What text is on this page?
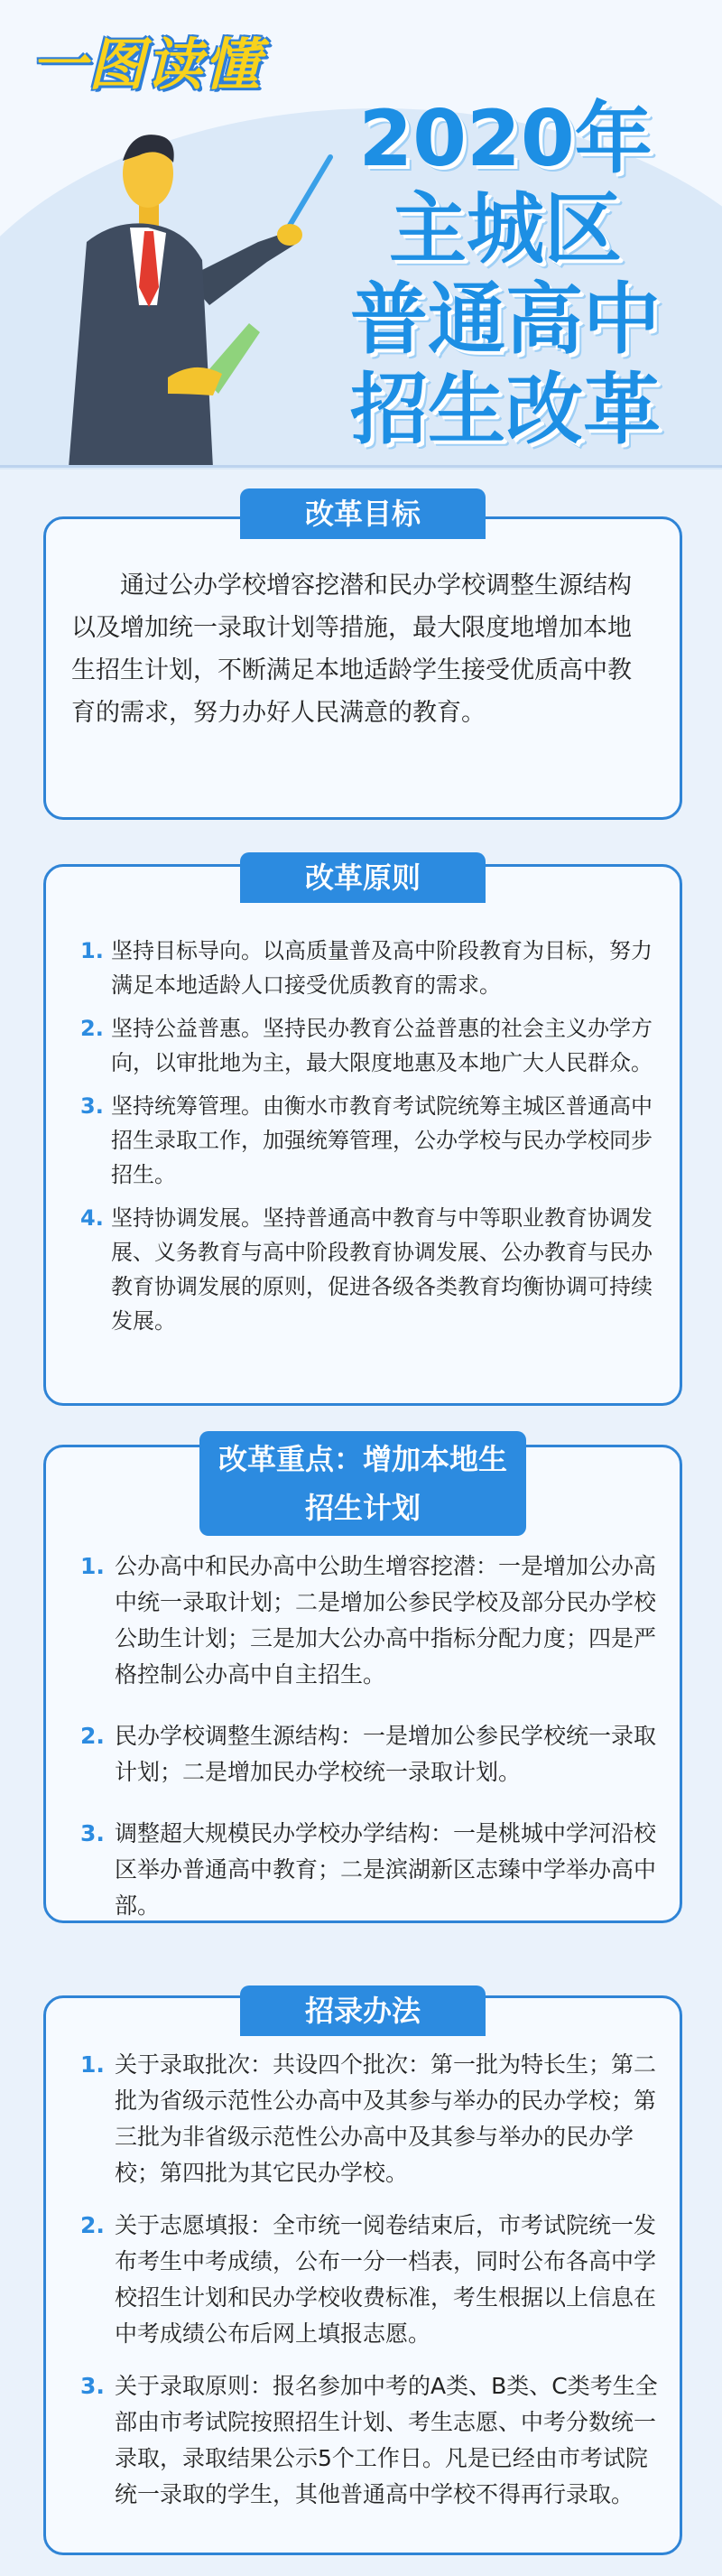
一图读懂
2020年
主城区
普通高中
招生改革
改革目标
通过公办学校增容挖潜和民办学校调整生源结构以及增加统一录取计划等措施，最大限度地增加本地生招生计划，不断满足本地适龄学生接受优质高中教育的需求，努力办好人民满意的教育。
改革原则
1. 坚持目标导向。以高质量普及高中阶段教育为目标，努力满足本地适龄人口接受优质教育的需求。
2. 坚持公益普惠。坚持民办教育公益普惠的社会主义办学方向，以审批地为主，最大限度地惠及本地广大人民群众。
3. 坚持统筹管理。由衡水市教育考试院统筹主城区普通高中招生录取工作，加强统筹管理，公办学校与民办学校同步招生。
4. 坚持协调发展。坚持普通高中教育与中等职业教育协调发展、义务教育与高中阶段教育协调发展、公办教育与民办教育协调发展的原则，促进各级各类教育均衡协调可持续发展。
改革重点：增加本地生招生计划
1. 公办高中和民办高中公助生增容挖潜：一是增加公办高中统一录取计划；二是增加公参民学校及部分民办学校公助生计划；三是加大公办高中指标分配力度；四是严格控制公办高中自主招生。
2. 民办学校调整生源结构：一是增加公参民学校统一录取计划；二是增加民办学校统一录取计划。
3. 调整超大规模民办学校办学结构：一是桃城中学河沿校区举办普通高中教育；二是滨湖新区志臻中学举办高中部。
招录办法
1. 关于录取批次：共设四个批次：第一批为特长生；第二批为省级示范性公办高中及其参与举办的民办学校；第三批为非省级示范性公办高中及其参与举办的民办学校；第四批为其它民办学校。
2. 关于志愿填报：全市统一阅卷结束后，市考试院统一发布考生中考成绩，公布一分一档表，同时公布各高中学校招生计划和民办学校收费标准，考生根据以上信息在中考成绩公布后网上填报志愿。
3. 关于录取原则：报名参加中考的A类、B类、C类考生全部由市考试院按照招生计划、考生志愿、中考分数统一录取，录取结果公示5个工作日。凡是已经由市考试院统一录取的学生，其他普通高中学校不得再行录取。
